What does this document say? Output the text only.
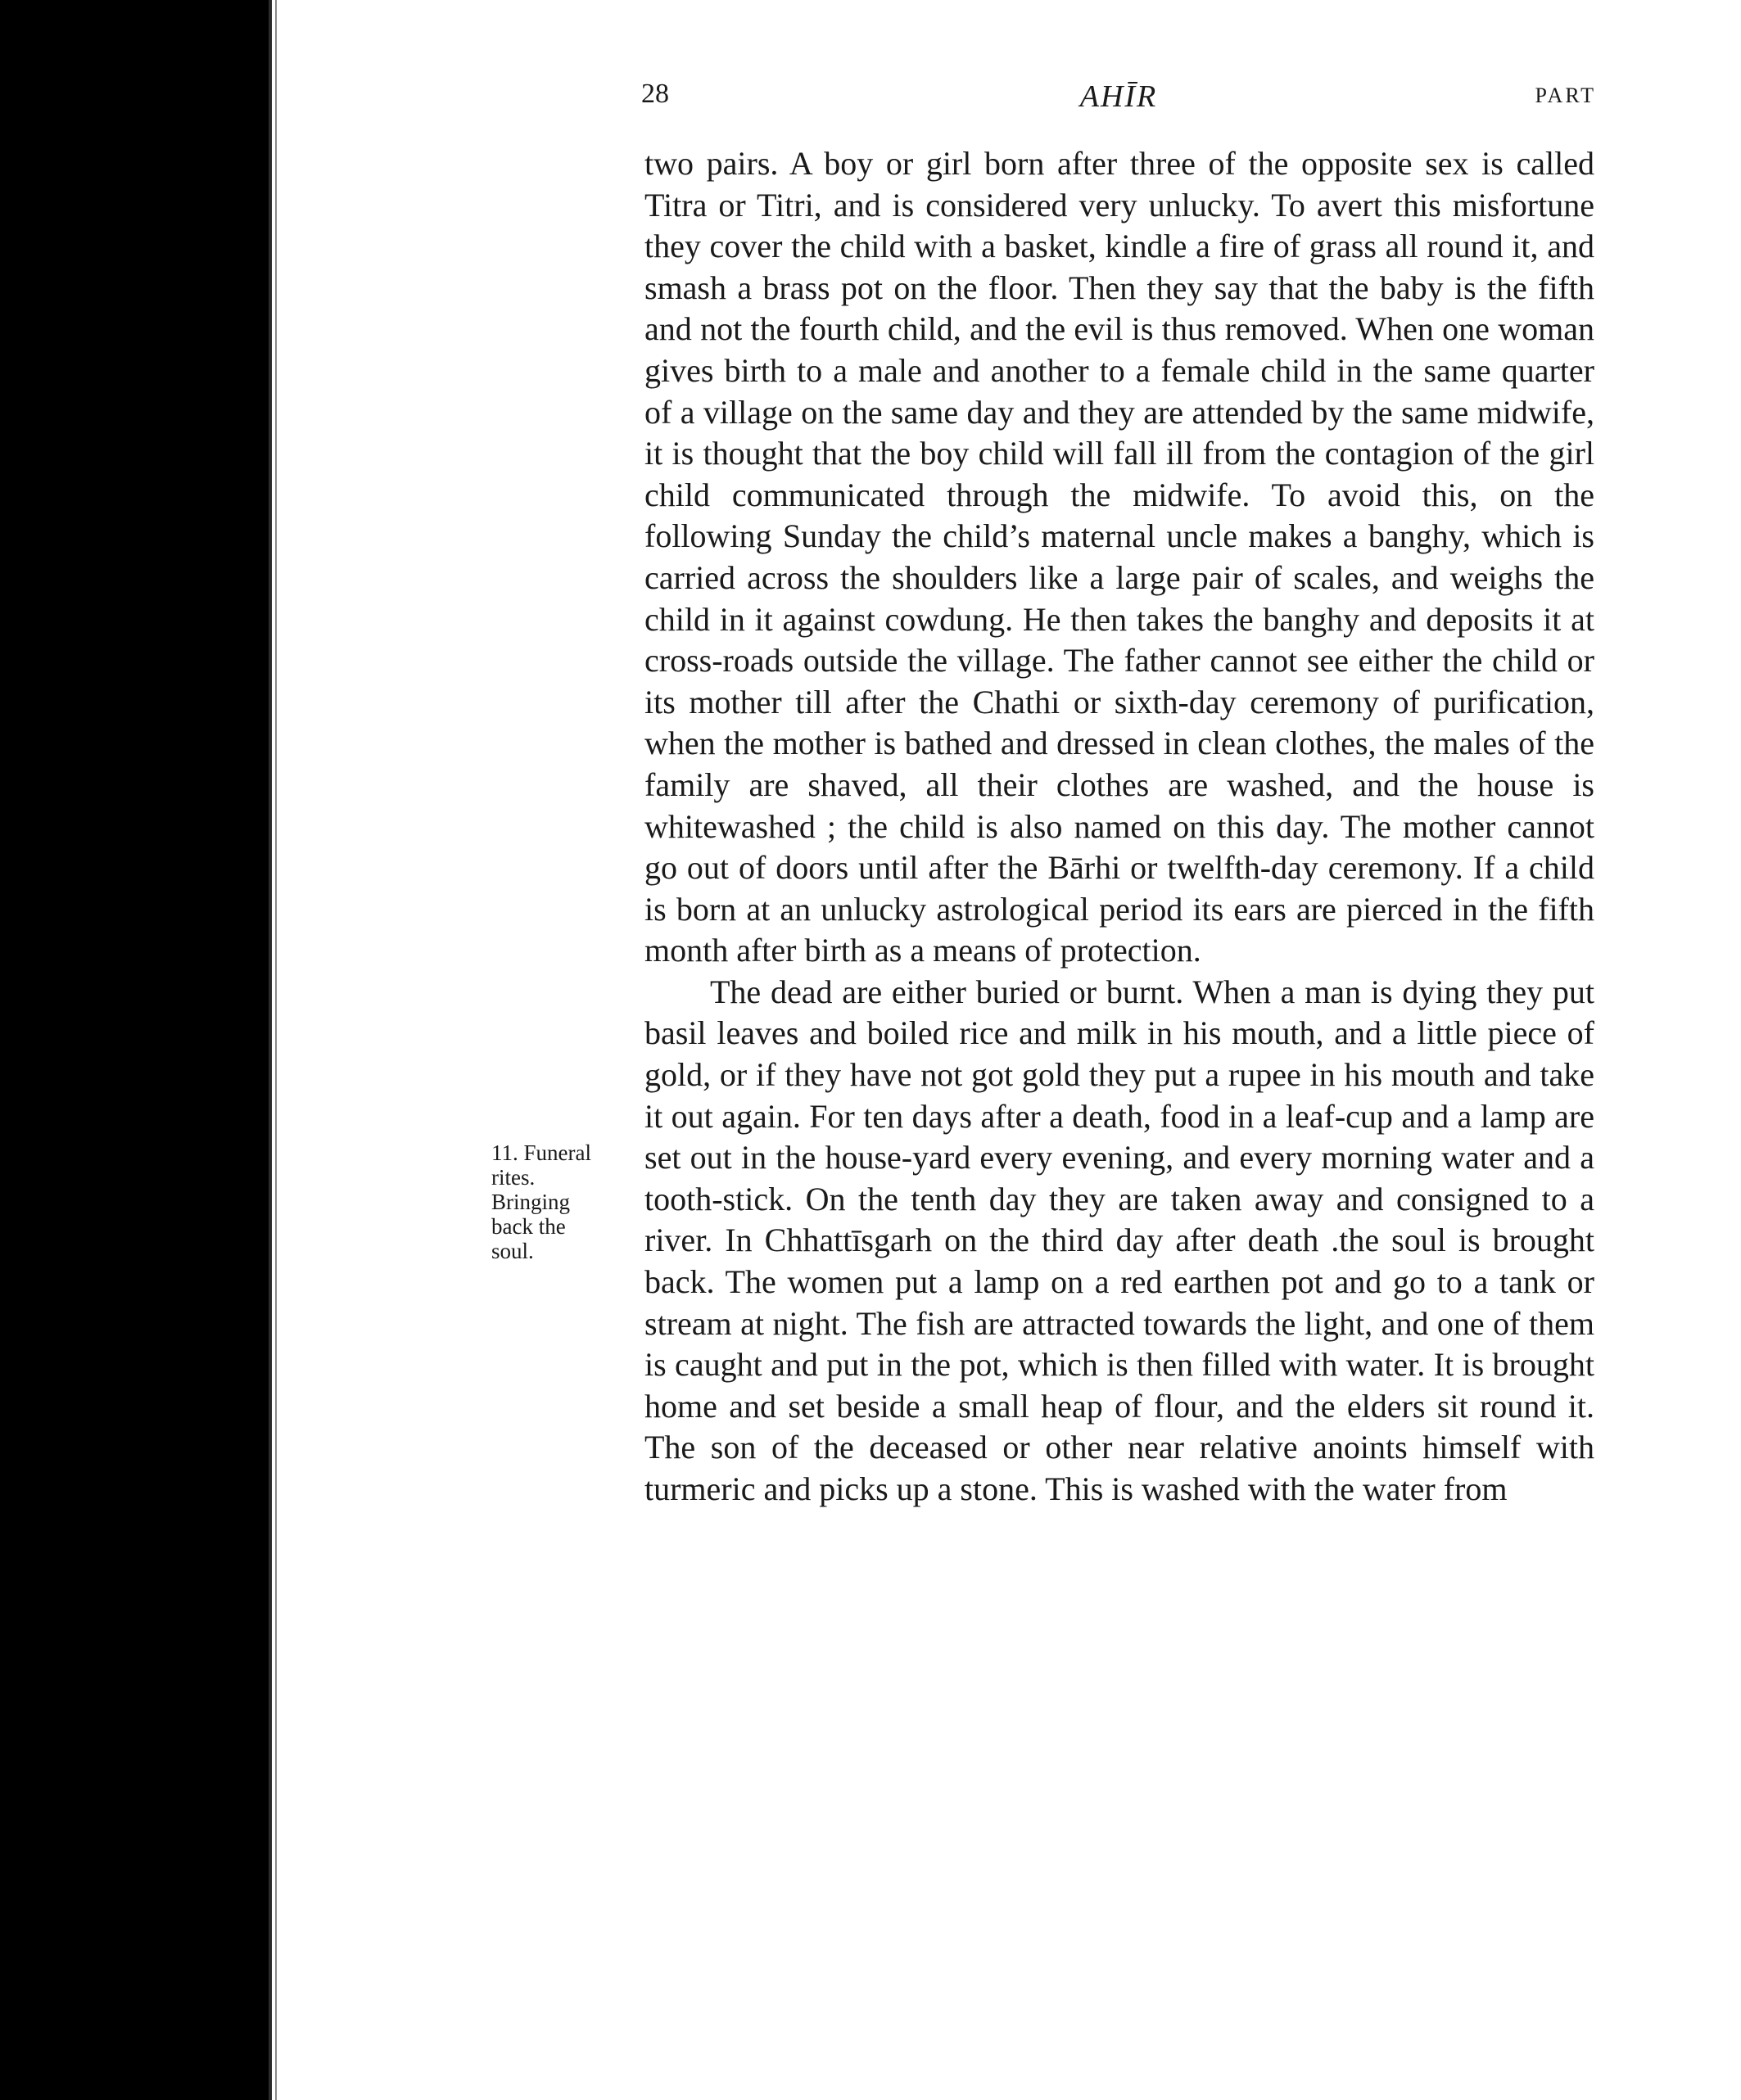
28	AHĪR	PART
11. Funeral
rites.
Bringing
back the
soul.

two pairs. A boy or girl born after three of the opposite sex is called Titra or Titri, and is considered very unlucky. To avert this misfortune they cover the child with a basket, kindle a fire of grass all round it, and smash a brass pot on the floor. Then they say that the baby is the fifth and not the fourth child, and the evil is thus removed. When one woman gives birth to a male and another to a female child in the same quarter of a village on the same day and they are attended by the same midwife, it is thought that the boy child will fall ill from the contagion of the girl child communicated through the midwife. To avoid this, on the following Sunday the child’s maternal uncle makes a banghy, which is carried across the shoulders like a large pair of scales, and weighs the child in it against cowdung. He then takes the banghy and deposits it at cross-roads outside the village. The father cannot see either the child or its mother till after the Chathi or sixth-day ceremony of purification, when the mother is bathed and dressed in clean clothes, the males of the family are shaved, all their clothes are washed, and the house is whitewashed ; the child is also named on this day. The mother cannot go out of doors until after the Bārhi or twelfth-day ceremony. If a child is born at an unlucky astrological period its ears are pierced in the fifth month after birth as a means of protection.

The dead are either buried or burnt. When a man is dying they put basil leaves and boiled rice and milk in his mouth, and a little piece of gold, or if they have not got gold they put a rupee in his mouth and take it out again. For ten days after a death, food in a leaf-cup and a lamp are set out in the house-yard every evening, and every morning water and a tooth-stick. On the tenth day they are taken away and consigned to a river. In Chhattīsgarh on the third day after death .the soul is brought back. The women put a lamp on a red earthen pot and go to a tank or stream at night. The fish are attracted towards the light, and one of them is caught and put in the pot, which is then filled with water. It is brought home and set beside a small heap of flour, and the elders sit round it. The son of the deceased or other near relative anoints himself with turmeric and picks up a stone. This is washed with the water from
